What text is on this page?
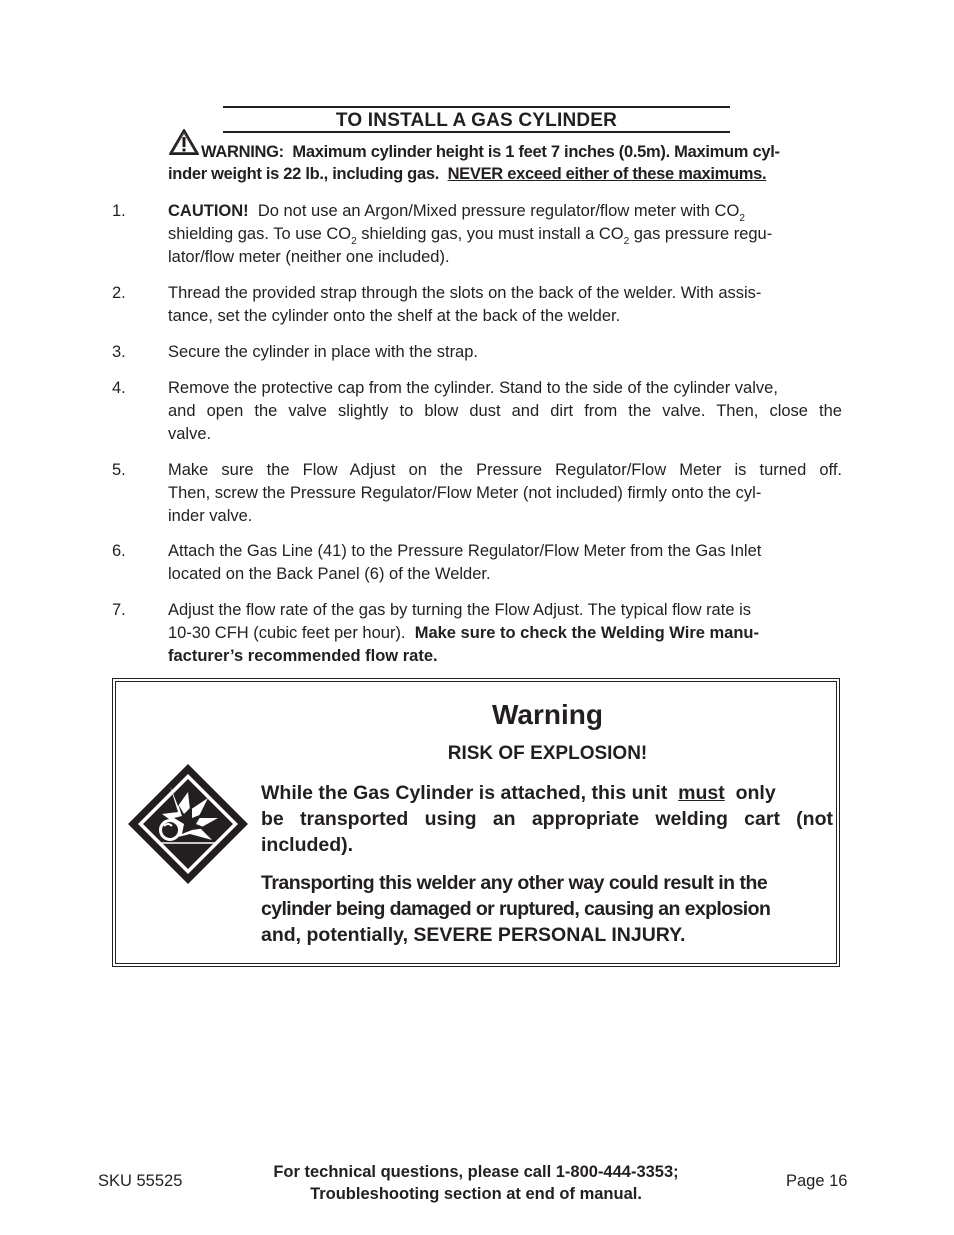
TO INSTALL A GAS CYLINDER
WARNING: Maximum cylinder height is 1 feet 7 inches (0.5m). Maximum cyl-
inder weight is 22 lb., including gas. NEVER exceed either of these maximums.
1.	CAUTION! Do not use an Argon/Mixed pressure regulator/flow meter with $CO_2$
shielding gas. To use $CO_2$ shielding gas, you must install a $CO_2$ gas pressure regu-
lator/flow meter (neither one included).
2.	Thread the provided strap through the slots on the back of the welder. With assis-
tance, set the cylinder onto the shelf at the back of the welder.
3.	Secure the cylinder in place with the strap.
4.	Remove the protective cap from the cylinder. Stand to the side of the cylinder valve,
and open the valve slightly to blow dust and dirt from the valve. Then, close the
valve.
5.	Make sure the Flow Adjust on the Pressure Regulator/Flow Meter is turned off.
Then, screw the Pressure Regulator/Flow Meter (not included) firmly onto the cyl-
inder valve.
6.	Attach the Gas Line (41) to the Pressure Regulator/Flow Meter from the Gas Inlet
located on the Back Panel (6) of the Welder.
7.	Adjust the flow rate of the gas by turning the Flow Adjust. The typical flow rate is
10-30 CFH (cubic feet per hour). Make sure to check the Welding Wire manu-
facturer’s recommended flow rate.
Warning
RISK OF EXPLOSION!
While the Gas Cylinder is attached, this unit must only
be transported using an appropriate welding cart (not
included).
Transporting this welder any other way could result in the
cylinder being damaged or ruptured, causing an explosion
and, potentially, SEVERE PERSONAL INJURY.
SKU 55525	For technical questions, please call 1-800-444-3353;
Troubleshooting section at end of manual.
Page 16
